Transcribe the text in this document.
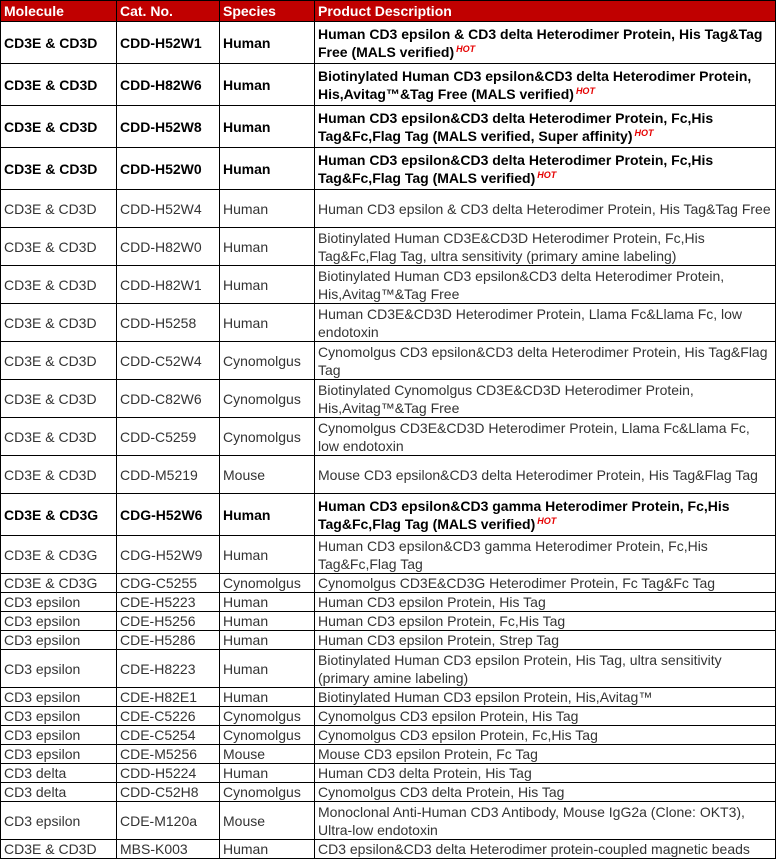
Molecule	Cat. No.	Species	Product Description
CD3E & CD3D	CDD-H52W1	Human	Human CD3 epsilon & CD3 delta Heterodimer Protein, His Tag&Tag Free (MALS verified) $^{HOT}$
CD3E & CD3D	CDD-H82W6	Human	Biotinylated Human CD3 epsilon&CD3 delta Heterodimer Protein, His,Avitag™&Tag Free (MALS verified) $^{HOT}$
CD3E & CD3D	CDD-H52W8	Human	Human CD3 epsilon&CD3 delta Heterodimer Protein, Fc,His Tag&Fc,Flag Tag (MALS verified, Super affinity) $^{HOT}$
CD3E & CD3D	CDD-H52W0	Human	Human CD3 epsilon&CD3 delta Heterodimer Protein, Fc,His Tag&Fc,Flag Tag (MALS verified) $^{HOT}$
CD3E & CD3D	CDD-H52W4	Human	Human CD3 epsilon & CD3 delta Heterodimer Protein, His Tag&Tag Free
CD3E & CD3D	CDD-H82W0	Human	Biotinylated Human CD3E&CD3D Heterodimer Protein, Fc,His Tag&Fc,Flag Tag, ultra sensitivity (primary amine labeling)
CD3E & CD3D	CDD-H82W1	Human	Biotinylated Human CD3 epsilon&CD3 delta Heterodimer Protein, His,Avitag™&Tag Free
CD3E & CD3D	CDD-H5258	Human	Human CD3E&CD3D Heterodimer Protein, Llama Fc&Llama Fc, low endotoxin
CD3E & CD3D	CDD-C52W4	Cynomolgus	Cynomolgus CD3 epsilon&CD3 delta Heterodimer Protein, His Tag&Flag Tag
CD3E & CD3D	CDD-C82W6	Cynomolgus	Biotinylated Cynomolgus CD3E&CD3D Heterodimer Protein, His,Avitag™&Tag Free
CD3E & CD3D	CDD-C5259	Cynomolgus	Cynomolgus CD3E&CD3D Heterodimer Protein, Llama Fc&Llama Fc, low endotoxin
CD3E & CD3D	CDD-M5219	Mouse	Mouse CD3 epsilon&CD3 delta Heterodimer Protein, His Tag&Flag Tag
CD3E & CD3G	CDG-H52W6	Human	Human CD3 epsilon&CD3 gamma Heterodimer Protein, Fc,His Tag&Fc,Flag Tag (MALS verified) $^{HOT}$
CD3E & CD3G	CDG-H52W9	Human	Human CD3 epsilon&CD3 gamma Heterodimer Protein, Fc,His Tag&Fc,Flag Tag
CD3E & CD3G	CDG-C5255	Cynomolgus	Cynomolgus CD3E&CD3G Heterodimer Protein, Fc Tag&Fc Tag
CD3 epsilon	CDE-H5223	Human	Human CD3 epsilon Protein, His Tag
CD3 epsilon	CDE-H5256	Human	Human CD3 epsilon Protein, Fc,His Tag
CD3 epsilon	CDE-H5286	Human	Human CD3 epsilon Protein, Strep Tag
CD3 epsilon	CDE-H8223	Human	Biotinylated Human CD3 epsilon Protein, His Tag, ultra sensitivity (primary amine labeling)
CD3 epsilon	CDE-H82E1	Human	Biotinylated Human CD3 epsilon Protein, His,Avitag™
CD3 epsilon	CDE-C5226	Cynomolgus	Cynomolgus CD3 epsilon Protein, His Tag
CD3 epsilon	CDE-C5254	Cynomolgus	Cynomolgus CD3 epsilon Protein, Fc,His Tag
CD3 epsilon	CDE-M5256	Mouse	Mouse CD3 epsilon Protein, Fc Tag
CD3 delta	CDD-H5224	Human	Human CD3 delta Protein, His Tag
CD3 delta	CDD-C52H8	Cynomolgus	Cynomolgus CD3 delta Protein, His Tag
CD3 epsilon	CDE-M120a	Mouse	Monoclonal Anti-Human CD3 Antibody, Mouse IgG2a (Clone: OKT3), Ultra-low endotoxin
CD3E & CD3D	MBS-K003	Human	CD3 epsilon&CD3 delta Heterodimer protein-coupled magnetic beads
